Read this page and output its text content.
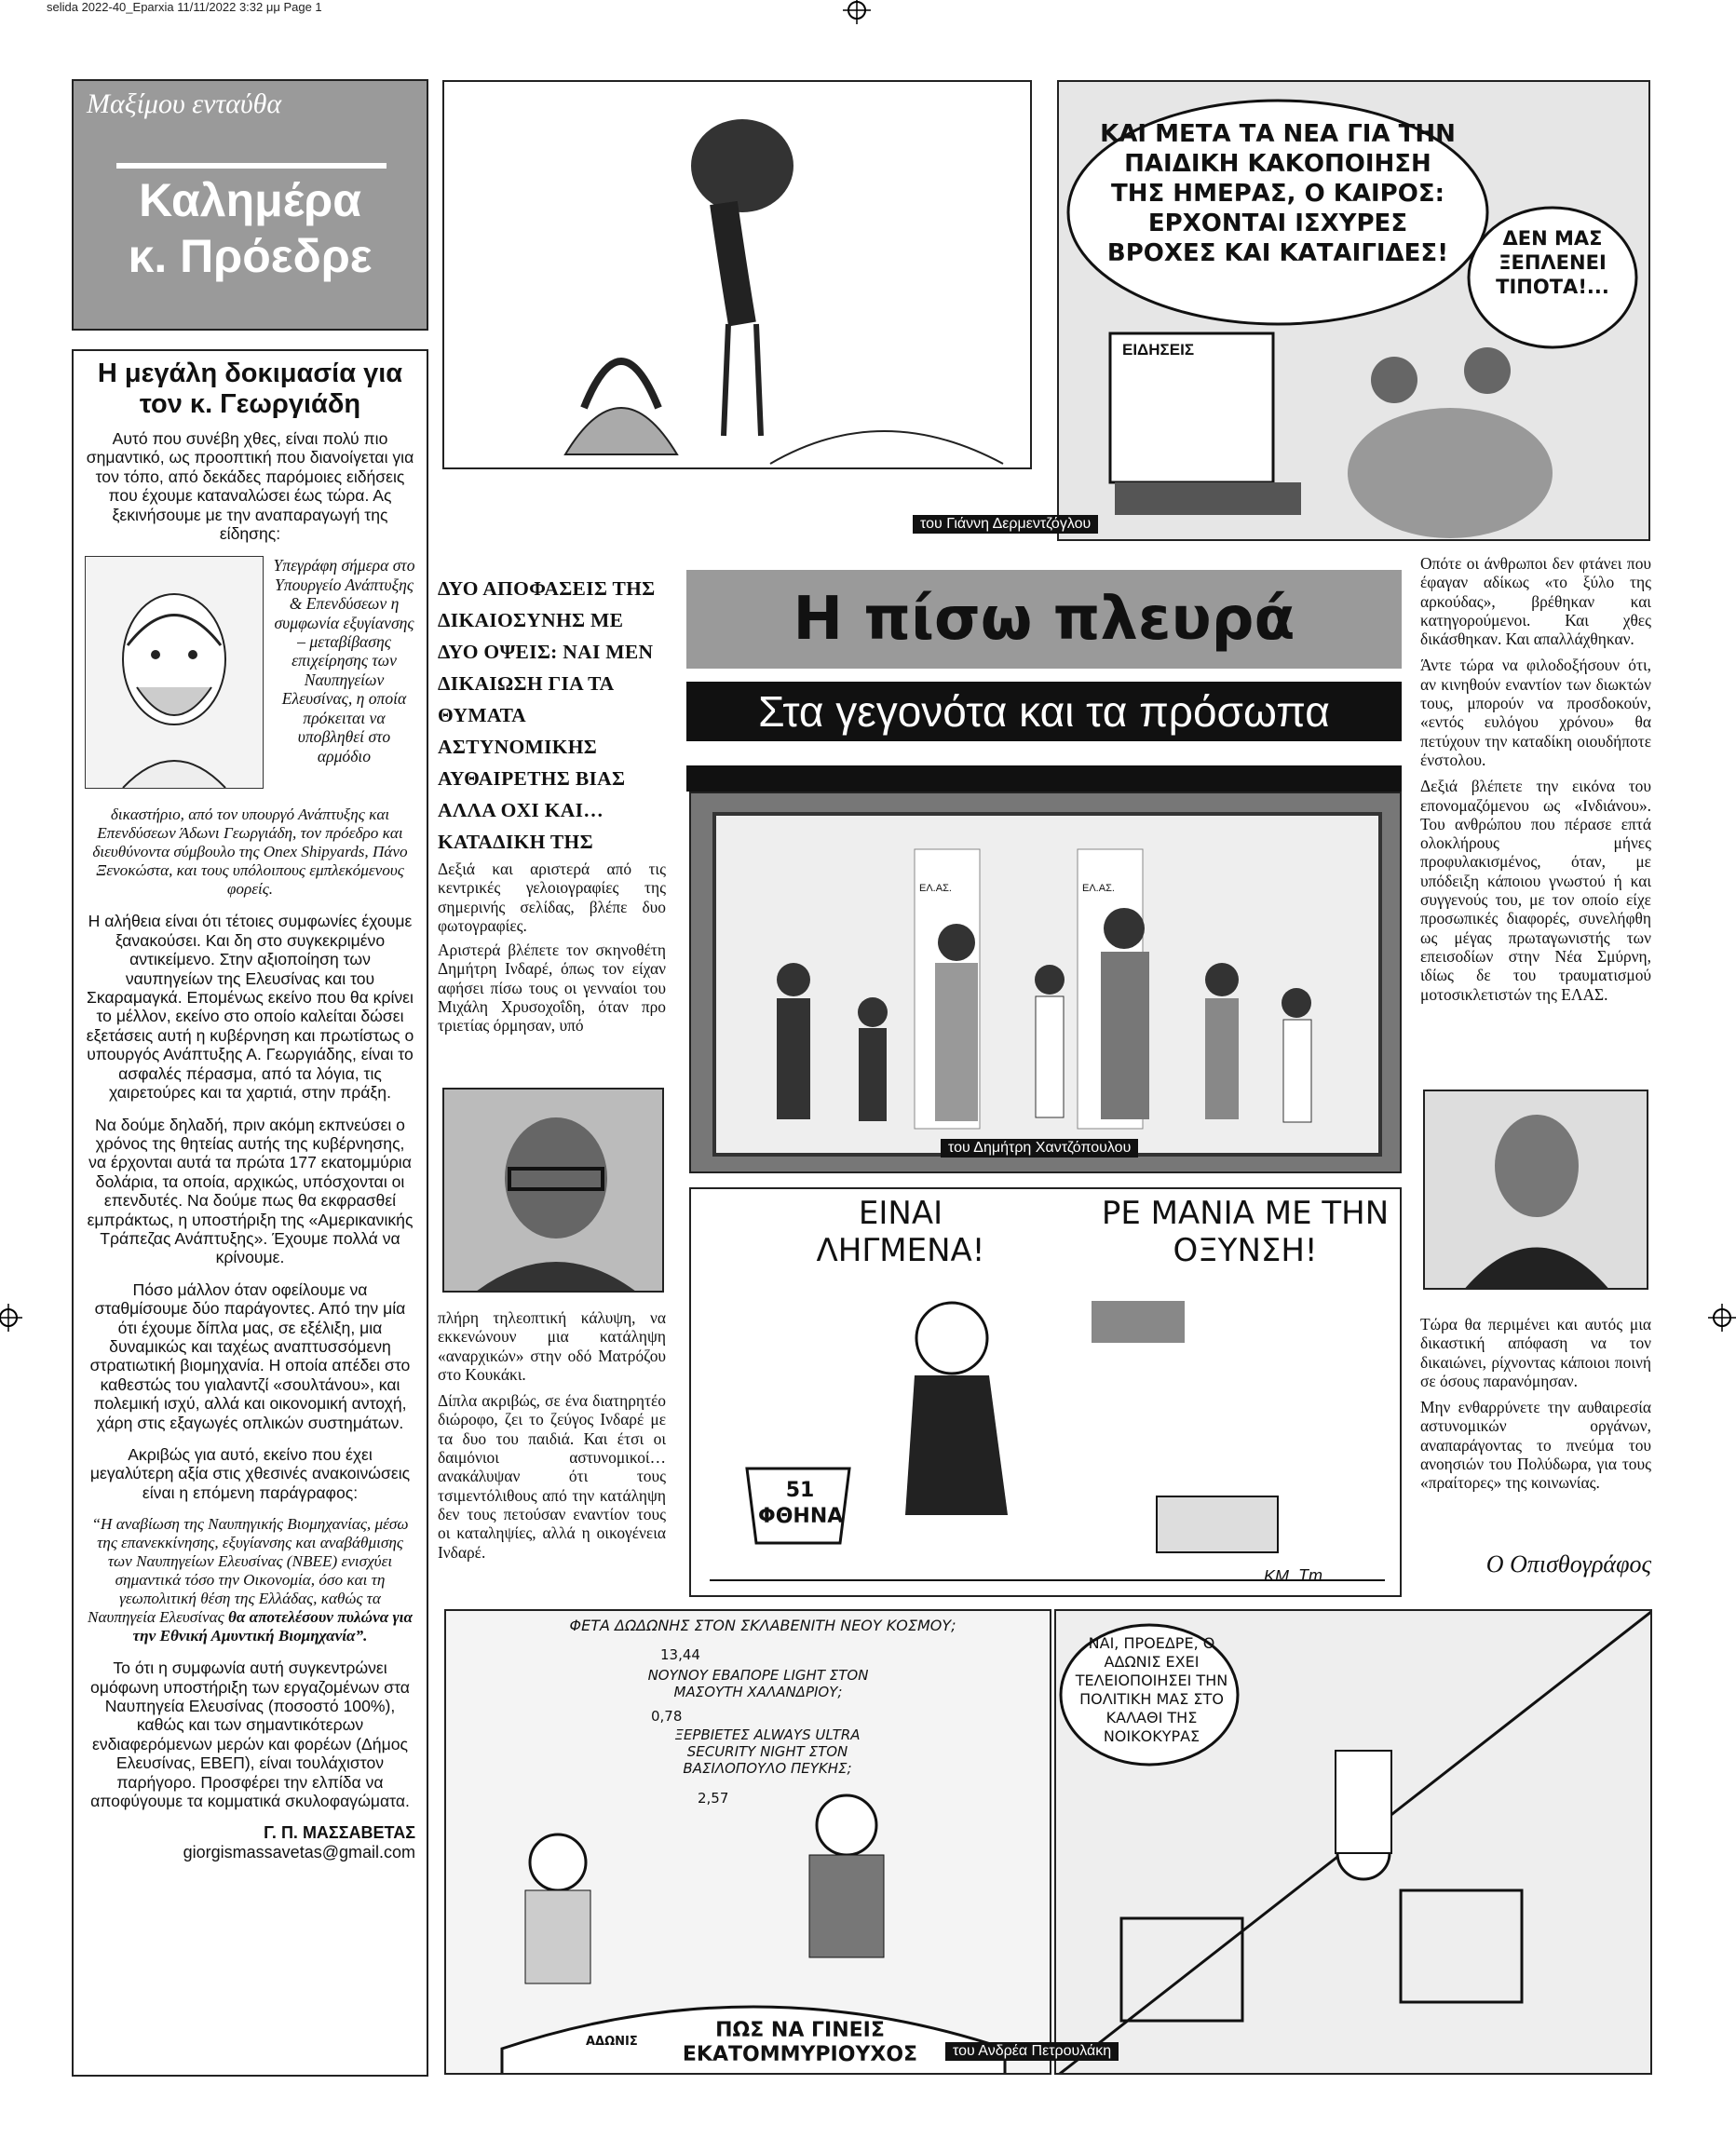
selida 2022-40_Eparxia 11/11/2022 3:32 μμ Page 1
Μαξίμου ενταύθα
Καλημέρα
κ. Πρόεδρε
Η μεγάλη δοκιμασία για τον κ. Γεωργιάδη

Αυτό που συνέβη χθες, είναι πολύ πιο σημαντικό, ως προοπτική που διανοίγεται για τον τόπο, από δεκάδες παρόμοιες ειδήσεις που έχουμε καταναλώσει έως τώρα. Ας ξεκινήσουμε με την αναπαραγωγή της είδησης:

Υπεγράφη σήμερα στο Υπουργείο Ανάπτυξης & Επενδύσεων η συμφωνία εξυγίανσης – μεταβίβασης επιχείρησης των Ναυπηγείων Ελευσίνας, η οποία πρόκειται να υποβληθεί στο αρμόδιο

δικαστήριο, από τον υπουργό Ανάπτυξης και Επενδύσεων Άδωνι Γεωργιάδη, τον πρόεδρο και διευθύνοντα σύμβουλο της Onex Shipyards, Πάνο Ξενοκώστα, και τους υπόλοιπους εμπλεκόμενους φορείς.

Η αλήθεια είναι ότι τέτοιες συμφωνίες έχουμε ξανακούσει. Και δη στο συγκεκριμένο αντικείμενο. Στην αξιοποίηση των ναυπηγείων της Ελευσίνας και του Σκαραμαγκά. Επομένως εκείνο που θα κρίνει το μέλλον, εκείνο στο οποίο καλείται δώσει εξετάσεις αυτή η κυβέρνηση και πρωτίστως ο υπουργός Ανάπτυξης Α. Γεωργιάδης, είναι το ασφαλές πέρασμα, από τα λόγια, τις χαιρετούρες και τα χαρτιά, στην πράξη.

Να δούμε δηλαδή, πριν ακόμη εκπνεύσει ο χρόνος της θητείας αυτής της κυβέρνησης, να έρχονται αυτά τα πρώτα 177 εκατομμύρια δολάρια, τα οποία, αρχικώς, υπόσχονται οι επενδυτές. Να δούμε πως θα εκφρασθεί εμπράκτως, η υποστήριξη της «Αμερικανικής Τράπεζας Ανάπτυξης». Έχουμε πολλά να κρίνουμε.

Πόσο μάλλον όταν οφείλουμε να σταθμίσουμε δύο παράγοντες. Από την μία ότι έχουμε δίπλα μας, σε εξέλιξη, μια δυναμικώς και ταχέως αναπτυσσόμενη στρατιωτική βιομηχανία. Η οποία απέδει στο καθεστώς του γιαλαντζί «σουλτάνου», και πολεμική ισχύ, αλλά και οικονομική αντοχή, χάρη στις εξαγωγές οπλικών συστημάτων.

Ακριβώς για αυτό, εκείνο που έχει μεγαλύτερη αξία στις χθεσινές ανακοινώσεις είναι η επόμενη παράγραφος:

“Η αναβίωση της Ναυπηγικής Βιομηχανίας, μέσω της επανεκκίνησης, εξυγίανσης και αναβάθμισης των Ναυπηγείων Ελευσίνας (ΝΒΕΕ) ενισχύει σημαντικά τόσο την Οικονομία, όσο και τη γεωπολιτική θέση της Ελλάδας, καθώς τα Ναυπηγεία Ελευσίνας θα αποτελέσουν πυλώνα για την Εθνική Αμυντική Βιομηχανία”.

Το ότι η συμφωνία αυτή συγκεντρώνει ομόφωνη υποστήριξη των εργαζομένων στα Ναυπηγεία Ελευσίνας (ποσοστό 100%), καθώς και των σημαντικότερων ενδιαφερόμενων μερών και φορέων (Δήμος Ελευσίνας, ΕΒΕΠ), είναι τουλάχιστον παρήγορο. Προσφέρει την ελπίδα να αποφύγουμε τα κομματικά σκυλοφαγώματα.

Γ. Π. ΜΑΣΣΑΒΕΤΑΣ

giorgismassavetas@gmail.com

ΚΑΙ ΜΕΤΑ ΤΑ ΝΕΑ ΓΙΑ ΤΗΝ ΠΑΙΔΙΚΗ ΚΑΚΟΠΟΙΗΣΗ ΤΗΣ ΗΜΕΡΑΣ, Ο ΚΑΙΡΟΣ: ΕΡΧΟΝΤΑΙ ΙΣΧΥΡΕΣ ΒΡΟΧΕΣ ΚΑΙ ΚΑΤΑΙΓΙΔΕΣ!
ΔΕΝ ΜΑΣ ΞΕΠΛΕΝΕΙ ΤΙΠΟΤΑ!...
ΕΙΔΗΣΕΙΣ
του Γιάννη Δερμεντζόγλου
ΔΥΟ ΑΠΟΦΑΣΕΙΣ ΤΗΣ ΔΙΚΑΙΟΣΥΝΗΣ ΜΕ ΔΥΟ ΟΨΕΙΣ: ΝΑΙ ΜΕΝ ΔΙΚΑΙΩΣΗ ΓΙΑ ΤΑ ΘΥΜΑΤΑ ΑΣΤΥΝΟΜΙΚΗΣ ΑΥΘΑΙΡΕΤΗΣ ΒΙΑΣ ΑΛΛΑ ΟΧΙ ΚΑΙ… ΚΑΤΑΔΙΚΗ ΤΗΣ

Δεξιά και αριστερά από τις κεντρικές γελοιογραφίες της σημερινής σελίδας, βλέπε δυο φωτογραφίες.

Αριστερά βλέπετε τον σκηνοθέτη Δημήτρη Ινδαρέ, όπως τον είχαν αφήσει πίσω τους οι γενναίοι του Μιχάλη Χρυσοχοΐδη, όταν προ τριετίας όρμησαν, υπό

πλήρη τηλεοπτική κάλυψη, να εκκενώνουν μια κατάληψη «αναρχικών» στην οδό Ματρόζου στο Κουκάκι.

Δίπλα ακριβώς, σε ένα διατηρητέο διώροφο, ζει το ζεύγος Ινδαρέ με τα δυο του παιδιά. Και έτσι οι δαιμόνιοι αστυνομικοί… ανακάλυψαν ότι τους τσιμεντόλιθους από την κατάληψη δεν τους πετούσαν εναντίον τους οι καταληψίες, αλλά η οικογένεια Ινδαρέ.

Η πίσω πλευρά
Στα γεγονότα και τα πρόσωπα
ΕΛ.ΑΣ.	ΕΛ.ΑΣ.
του Δημήτρη Χαντζόπουλου
ΕΙΝΑΙ ΛΗΓΜΕΝΑ!
ΡΕ ΜΑΝΙΑ ΜΕ ΤΗΝ ΟΞΥΝΣΗ!
51 ΦΘΗΝΑ
ΚΜ. Tm

Οπότε οι άνθρωποι δεν φτάνει που έφαγαν αδίκως «το ξύλο της αρκούδας», βρέθηκαν και κατηγορούμενοι. Και χθες δικάσθηκαν. Και απαλλάχθηκαν.

Άντε τώρα να φιλοδοξήσουν ότι, αν κινηθούν εναντίον των διωκτών τους, μπορούν να προσδοκούν, «εντός ευλόγου χρόνου» θα πετύχουν την καταδίκη οιουδήποτε ένστολου.

Δεξιά βλέπετε την εικόνα του επονομαζόμενου ως «Ινδιάνου». Του ανθρώπου που πέρασε επτά ολοκλήρους μήνες προφυλακισμένος, όταν, με υπόδειξη κάποιου γνωστού ή και συγγενούς του, με τον οποίο είχε προσωπικές διαφορές, συνελήφθη ως μέγας πρωταγωνιστής των επεισοδίων στην Νέα Σμύρνη, ιδίως δε του τραυματισμού μοτοσικλετιστών της ΕΛΑΣ.

Τώρα θα περιμένει και αυτός μια δικαστική απόφαση να τον δικαιώνει, ρίχνοντας κάποιοι ποινή σε όσους παρανόμησαν.

Μην ενθαρρύνετε την αυθαιρεσία αστυνομικών οργάνων, αναπαράγοντας το πνεύμα του ανοησιών του Πολύδωρα, για τους «πραίτορες» της κοινωνίας.

Ο Οπισθογράφος
ΦΕΤΑ ΔΩΔΩΝΗΣ ΣΤΟΝ ΣΚΛΑΒΕΝΙΤΗ ΝΕΟΥ ΚΟΣΜΟΥ;
13,44
ΝΟΥΝΟΥ ΕΒΑΠΟΡΕ LIGHT ΣΤΟΝ ΜΑΣΟΥΤΗ ΧΑΛΑΝΔΡΙΟΥ;
0,78
ΞΕΡΒΙΕΤΕΣ ALWAYS ULTRA SECURITY NIGHT ΣΤΟΝ ΒΑΣΙΛΟΠΟΥΛΟ ΠΕΥΚΗΣ;
2,57
ΠΩΣ ΝΑ ΓΙΝΕΙΣ ΕΚΑΤΟΜΜΥΡΙΟΥΧΟΣ
ΑΔΩΝΙΣ
ΝΑΙ, ΠΡΟΕΔΡΕ, Ο ΑΔΩΝΙΣ ΕΧΕΙ ΤΕΛΕΙΟΠΟΙΗΣΕΙ ΤΗΝ ΠΟΛΙΤΙΚΗ ΜΑΣ ΣΤΟ ΚΑΛΑΘΙ ΤΗΣ ΝΟΙΚΟΚΥΡΑΣ
του Ανδρέα Πετρουλάκη
